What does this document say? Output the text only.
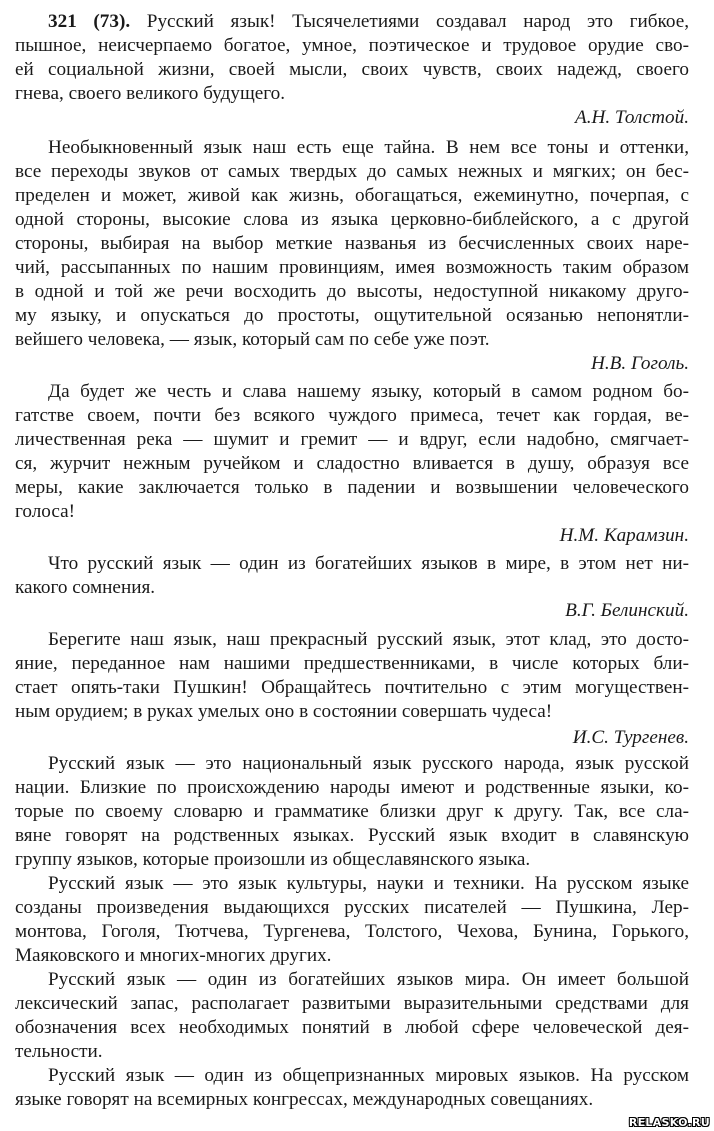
321 (73). Русский язык! Тысячелетиями создавал народ это гибкое,
пышное, неисчерпаемо богатое, умное, поэтическое и трудовое орудие сво-
ей социальной жизни, своей мысли, своих чувств, своих надежд, своего
гнева, своего великого будущего.
А.Н. Толстой.
Необыкновенный язык наш есть еще тайна. В нем все тоны и оттенки,
все переходы звуков от самых твердых до самых нежных и мягких; он бес-
пределен и может, живой как жизнь, обогащаться, ежеминутно, почерпая, с
одной стороны, высокие слова из языка церковно-библейского, а с другой
стороны, выбирая на выбор меткие названья из бесчисленных своих наре-
чий, рассыпанных по нашим провинциям, имея возможность таким образом
в одной и той же речи восходить до высоты, недоступной никакому друго-
му языку, и опускаться до простоты, ощутительной осязанью непонятли-
вейшего человека, — язык, который сам по себе уже поэт.
Н.В. Гоголь.
Да будет же честь и слава нашему языку, который в самом родном бо-
гатстве своем, почти без всякого чуждого примеса, течет как гордая, ве-
личественная река — шумит и гремит — и вдруг, если надобно, смягчает-
ся, журчит нежным ручейком и сладостно вливается в душу, образуя все
меры, какие заключается только в падении и возвышении человеческого
голоса!
Н.М. Карамзин.
Что русский язык — один из богатейших языков в мире, в этом нет ни-
какого сомнения.
В.Г. Белинский.
Берегите наш язык, наш прекрасный русский язык, этот клад, это досто-
яние, переданное нам нашими предшественниками, в числе которых бли-
стает опять-таки Пушкин! Обращайтесь почтительно с этим могуществен-
ным орудием; в руках умелых оно в состоянии совершать чудеса!
И.С. Тургенев.
Русский язык — это национальный язык русского народа, язык русской
нации. Близкие по происхождению народы имеют и родственные языки, ко-
торые по своему словарю и грамматике близки друг к другу. Так, все сла-
вяне говорят на родственных языках. Русский язык входит в славянскую
группу языков, которые произошли из общеславянского языка.
Русский язык — это язык культуры, науки и техники. На русском языке
созданы произведения выдающихся русских писателей — Пушкина, Лер-
монтова, Гоголя, Тютчева, Тургенева, Толстого, Чехова, Бунина, Горького,
Маяковского и многих-многих других.
Русский язык — один из богатейших языков мира. Он имеет большой
лексический запас, располагает развитыми выразительными средствами для
обозначения всех необходимых понятий в любой сфере человеческой дея-
тельности.
Русский язык — один из общепризнанных мировых языков. На русском
языке говорят на всемирных конгрессах, международных совещаниях.
RELASKO.RU
